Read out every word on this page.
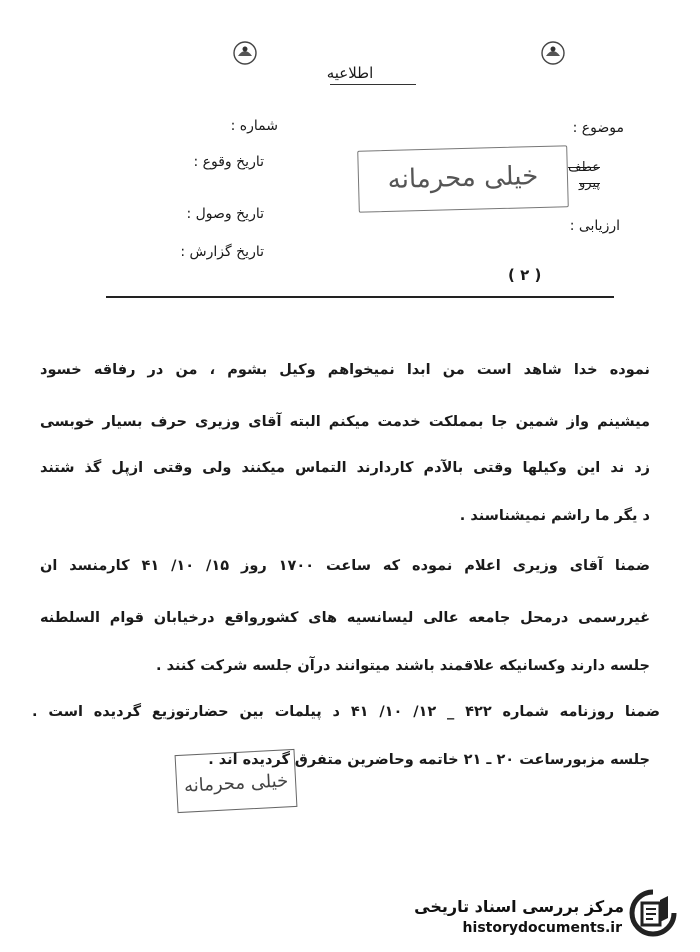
اطلاعیه
شماره :
تاریخ وقوع :
تاریخ وصول :
تاریخ گزارش :
موضوع :
عطف
پیرو
ارزیابی :
خیلی محرمانه
( ۲ )
نموده خدا شاهد است من ابدا نمیخواهم وکیل بشوم ، من در رفاقه خسود
میشینم واز شمین جا بمملکت خدمت میکنم البته آقای وزیری حرف بسیار خوبسی
زد ند این وکیلها وقتی بالآدم کاردارند التماس میکنند ولی وقتی ازپل گذ شتند
د یگر ما راشم نمیشناسند .
ضمنا آقای وزیری اعلام نموده که ساعت ۱۷۰۰ روز ۱۵/ ۱۰/ ۴۱ کارمنسد ان
غیررسمی درمحل جامعه عالی لیسانسیه های کشورواقع درخیابان قوام السلطنه
جلسه دارند وکسانیکه علاقمند باشند میتوانند درآن جلسه شرکت کنند .
ضمنا روزنامه شماره ۴۲۲ _ ۱۲/ ۱۰/ ۴۱ د پیلمات بین حضارتوزیع گردیده است .
جلسه مزبورساعت ۲۰ ـ ۲۱ خاتمه وحاضرین متفرق گردیده اند .
خیلی محرمانه
مرکز بررسی اسناد تاریخی
historydocuments.ir
